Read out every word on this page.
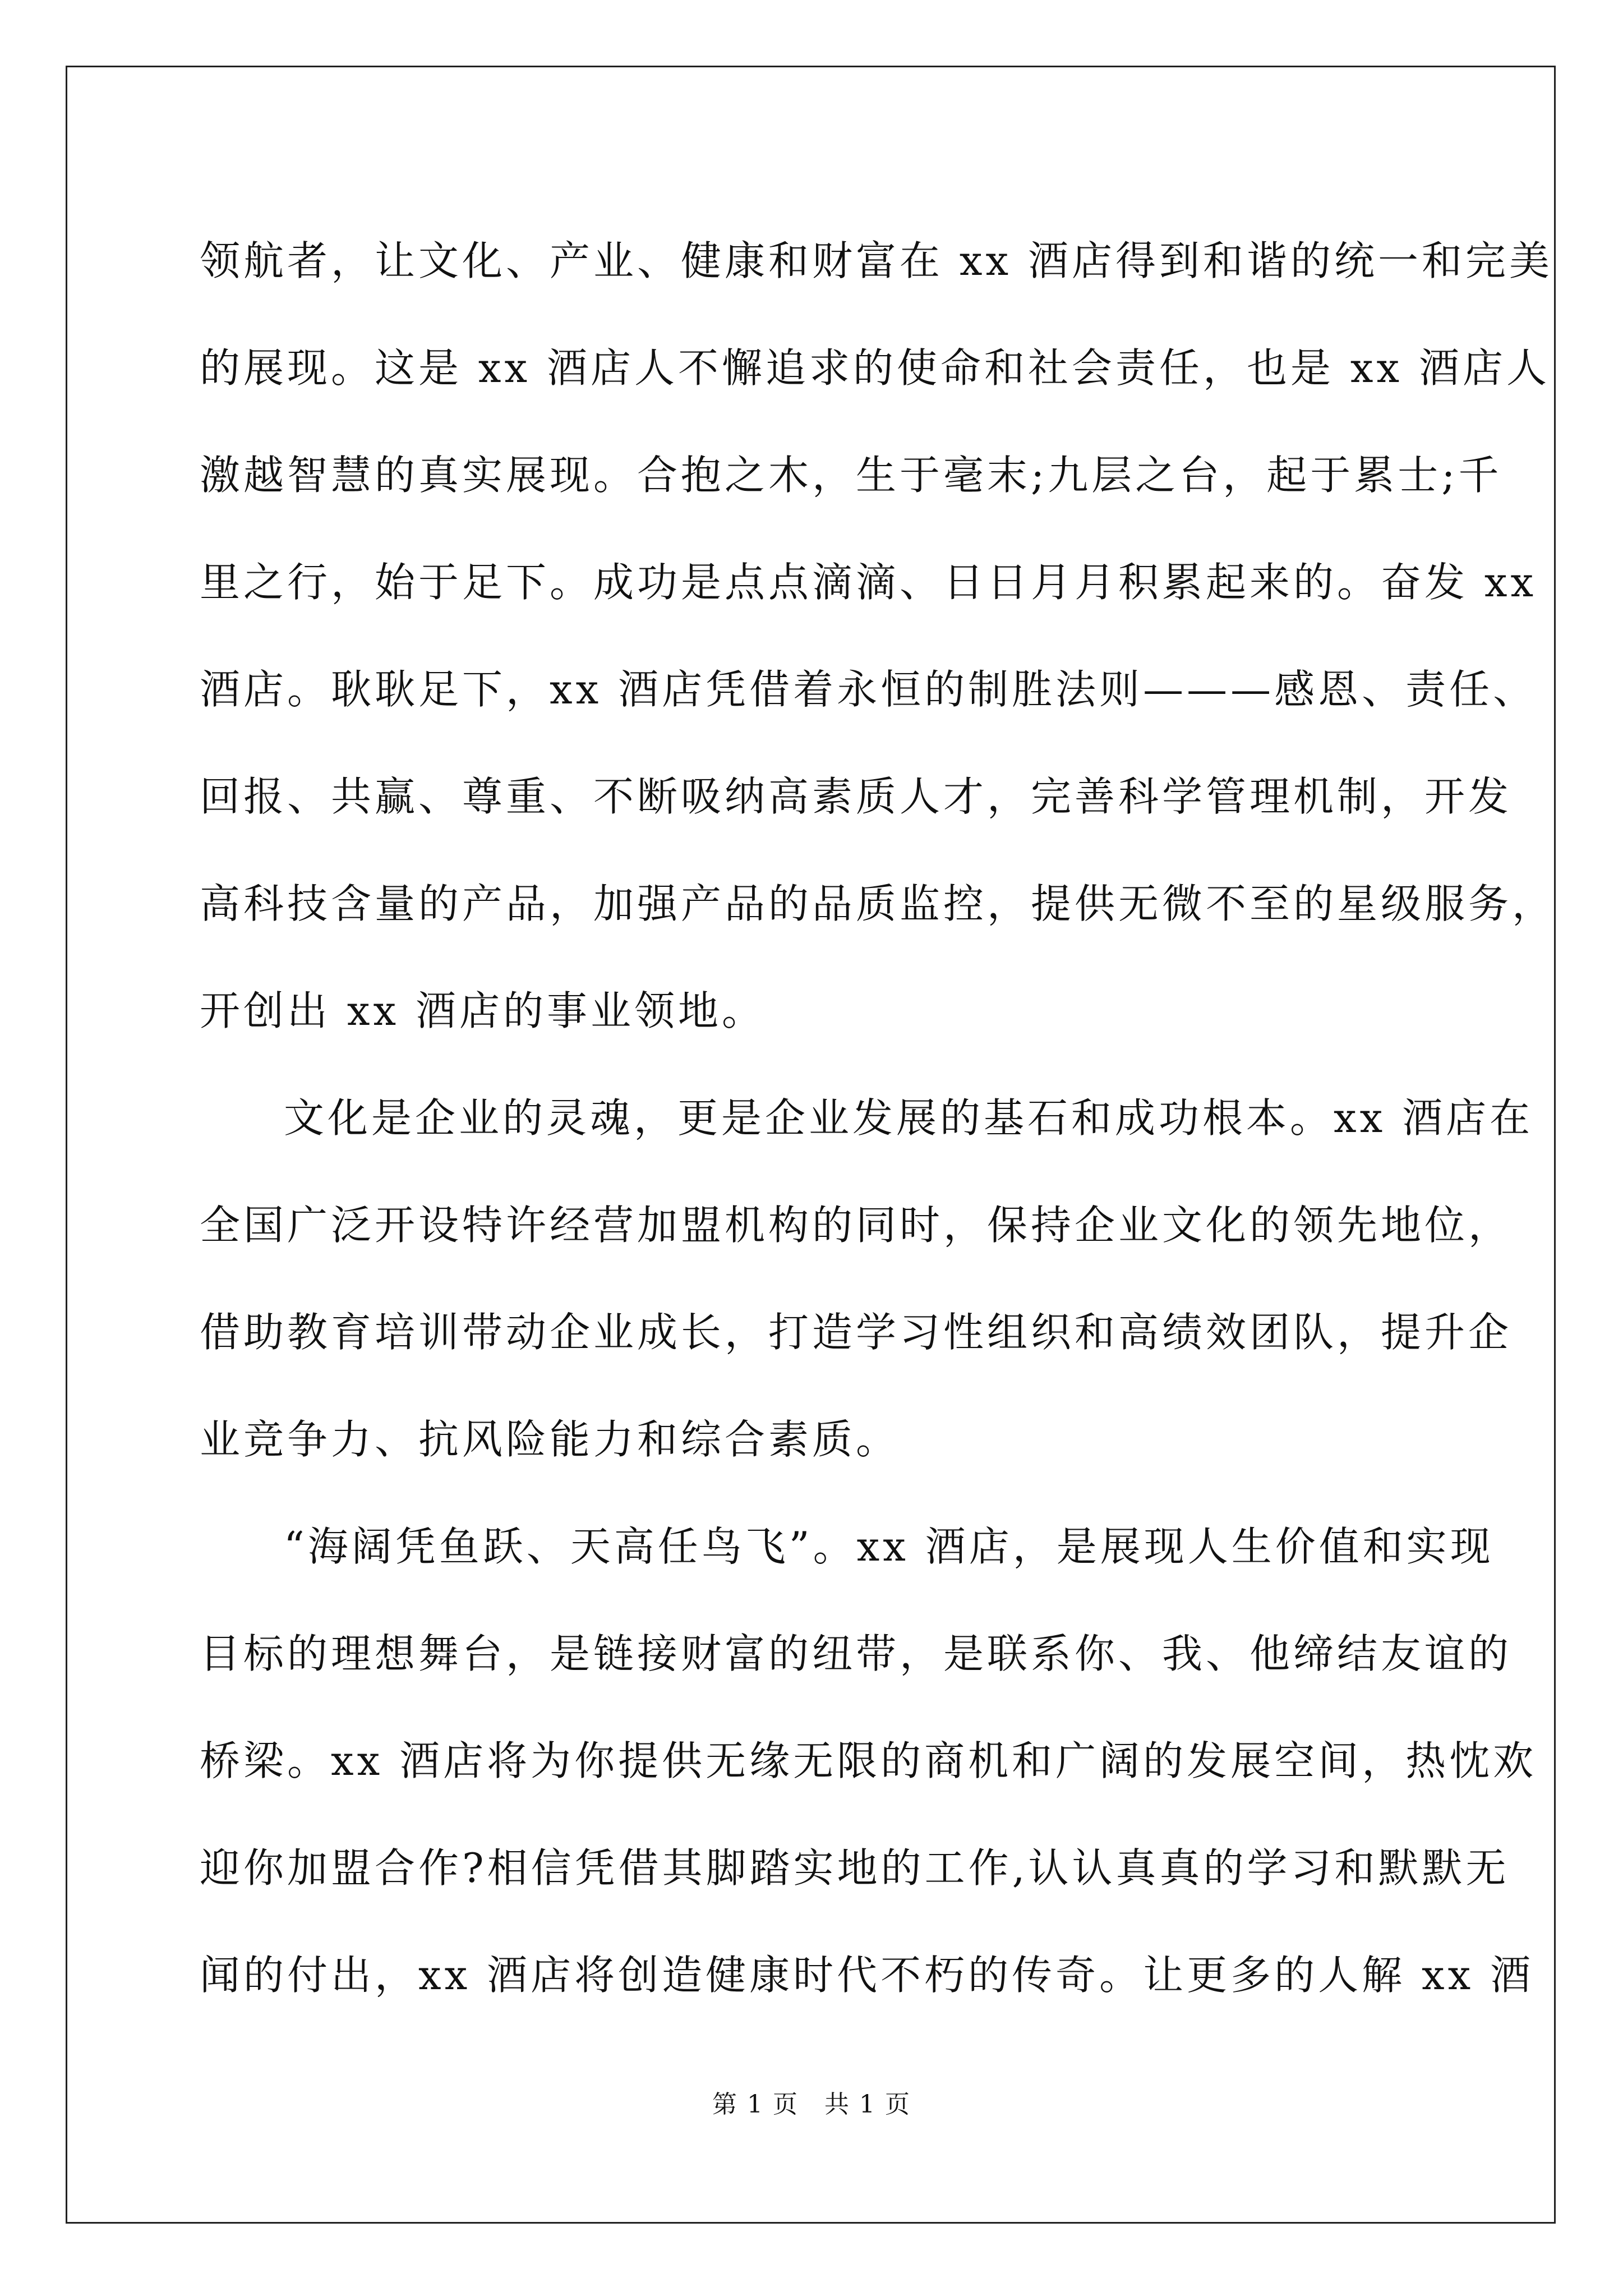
领航者，让文化、产业、健康和财富在 xx 酒店得到和谐的统一和完美
的展现。这是 xx 酒店人不懈追求的使命和社会责任，也是 xx 酒店人
激越智慧的真实展现。合抱之木，生于毫末;九层之台，起于累士;千
里之行，始于足下。成功是点点滴滴、日日月月积累起来的。奋发 xx
酒店。耿耿足下，xx 酒店凭借着永恒的制胜法则———感恩、责任、
回报、共赢、尊重、不断吸纳高素质人才，完善科学管理机制，开发
高科技含量的产品，加强产品的品质监控，提供无微不至的星级服务，
开创出 xx 酒店的事业领地。
文化是企业的灵魂，更是企业发展的基石和成功根本。xx 酒店在
全国广泛开设特许经营加盟机构的同时，保持企业文化的领先地位，
借助教育培训带动企业成长，打造学习性组织和高绩效团队，提升企
业竞争力、抗风险能力和综合素质。
“海阔凭鱼跃、天高任鸟飞”。xx 酒店，是展现人生价值和实现
目标的理想舞台，是链接财富的纽带，是联系你、我、他缔结友谊的
桥梁。xx 酒店将为你提供无缘无限的商机和广阔的发展空间，热忱欢
迎你加盟合作?相信凭借其脚踏实地的工作,认认真真的学习和默默无
闻的付出，xx 酒店将创造健康时代不朽的传奇。让更多的人解 xx 酒
第 1 页　共 1 页
